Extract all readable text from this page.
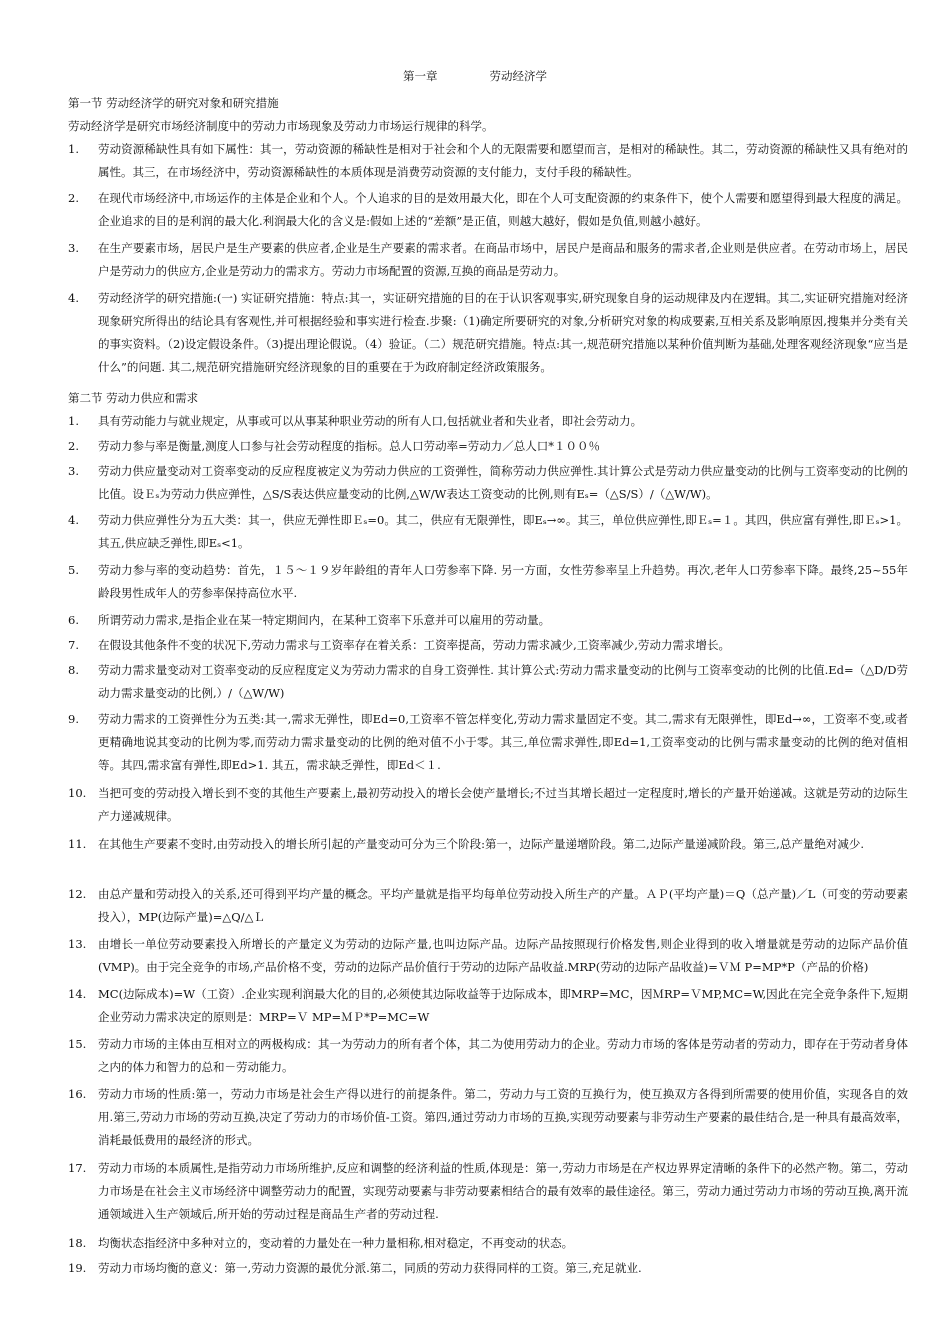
第一章	劳动经济学
第一节 劳动经济学的研究对象和研究措施
劳动经济学是研究市场经济制度中的劳动力市场现象及劳动力市场运行规律的科学。
1.	劳动资源稀缺性具有如下属性：其一，劳动资源的稀缺性是相对于社会和个人的无限需要和愿望而言，是相对的稀缺性。其二，劳动资源的稀缺性又具有绝对的属性。其三，在市场经济中，劳动资源稀缺性的本质体现是消费劳动资源的支付能力，支付手段的稀缺性。
2.	在现代市场经济中,市场运作的主体是企业和个人。个人追求的目的是效用最大化，即在个人可支配资源的约束条件下，使个人需要和愿望得到最大程度的满足。企业追求的目的是利润的最大化.利润最大化的含义是:假如上述的“差额”是正值，则越大越好，假如是负值,则越小越好。
3.	在生产要素市场，居民户是生产要素的供应者,企业是生产要素的需求者。在商品市场中，居民户是商品和服务的需求者,企业则是供应者。在劳动市场上，居民户是劳动力的供应方,企业是劳动力的需求方。劳动力市场配置的资源,互换的商品是劳动力。
4.	劳动经济学的研究措施:(一) 实证研究措施：特点:其一，实证研究措施的目的在于认识客观事实,研究现象自身的运动规律及内在逻辑。其二,实证研究措施对经济现象研究所得出的结论具有客观性,并可根据经验和事实进行检查.步聚:（1)确定所要研究的对象,分析研究对象的构成要素,互相关系及影响原因,搜集并分类有关的事实资料。（2)设定假设条件。（3)提出理论假说。（4）验证。（二）规范研究措施。特点:其一,规范研究措施以某种价值判断为基础,处理客观经济现象“应当是什么”的问题. 其二,规范研究措施研究经济现象的目的重要在于为政府制定经济政策服务。
第二节 劳动力供应和需求
1.	具有劳动能力与就业规定，从事或可以从事某种职业劳动的所有人口,包括就业者和失业者，即社会劳动力。
2.	劳动力参与率是衡量,测度人口参与社会劳动程度的指标。总人口劳动率=劳动力／总人口*１００％
3.	劳动力供应量变动对工资率变动的反应程度被定义为劳动力供应的工资弹性，简称劳动力供应弹性.其计算公式是劳动力供应量变动的比例与工资率变动的比例的比值。设Ｅₛ为劳动力供应弹性，△S/S表达供应量变动的比例,△W/W表达工资变动的比例,则有Eₛ=（△S/S）/（△W/W)。
4.	劳动力供应弹性分为五大类：其一，供应无弹性即Ｅₛ=0。其二，供应有无限弹性，即Eₛ→∞。其三，单位供应弹性,即Ｅₛ=１。其四，供应富有弹性,即Ｅₛ>1。其五,供应缺乏弹性,即Eₛ<1。
5.	劳动力参与率的变动趋势：首先，１５～１９岁年龄组的青年人口劳参率下降. 另一方面，女性劳参率呈上升趋势。再次,老年人口劳参率下降。最终,25~55年龄段男性成年人的劳参率保持高位水平.
6.	所谓劳动力需求,是指企业在某一特定期间内，在某种工资率下乐意并可以雇用的劳动量。
7.	在假设其他条件不变的状况下,劳动力需求与工资率存在着关系：工资率提高，劳动力需求减少,工资率减少,劳动力需求增长。
8.	劳动力需求量变动对工资率变动的反应程度定义为劳动力需求的自身工资弹性. 其计算公式:劳动力需求量变动的比例与工资率变动的比例的比值.Ed=（△D/D劳动力需求量变动的比例,）/（△W/W)
9.	劳动力需求的工资弹性分为五类:其一,需求无弹性，即Ed=0,工资率不管怎样变化,劳动力需求量固定不变。其二,需求有无限弹性，即Ed→∞，工资率不变,或者更精确地说其变动的比例为零,而劳动力需求量变动的比例的绝对值不小于零。其三,单位需求弹性,即Ed=1,工资率变动的比例与需求量变动的比例的绝对值相等。其四,需求富有弹性,即Ed>1. 其五，需求缺乏弹性，即Ed＜１.
10.	当把可变的劳动投入增长到不变的其他生产要素上,最初劳动投入的增长会使产量增长;不过当其增长超过一定程度时,增长的产量开始递减。这就是劳动的边际生产力递减规律。
11.	在其他生产要素不变时,由劳动投入的增长所引起的产量变动可分为三个阶段:第一，边际产量递增阶段。第二,边际产量递减阶段。第三,总产量绝对减少.
12.	由总产量和劳动投入的关系,还可得到平均产量的概念。平均产量就是指平均每单位劳动投入所生产的产量。ＡＰ(平均产量)＝Q（总产量)／L（可变的劳动要素投入），MP(边际产量)=△Q/△Ｌ
13.	由增长一单位劳动要素投入所增长的产量定义为劳动的边际产量,也叫边际产品。边际产品按照现行价格发售,则企业得到的收入增量就是劳动的边际产品价值(VMP)。由于完全竞争的市场,产品价格不变，劳动的边际产品价值行于劳动的边际产品收益.MRP(劳动的边际产品收益)=ＶＭ P=MP*P（产品的价格)
14.	MC(边际成本)=W（工资）.企业实现利润最大化的目的,必须使其边际收益等于边际成本，即MRP=MC，因ＭRP=ＶMP,MC=W,因此在完全竞争条件下,短期企业劳动力需求决定的原则是：MRP=Ｖ MP=ＭＰ*P=MC=W
15.	劳动力市场的主体由互相对立的两极构成：其一为劳动力的所有者个体，其二为使用劳动力的企业。劳动力市场的客体是劳动者的劳动力，即存在于劳动者身体之内的体力和智力的总和－劳动能力。
16.	劳动力市场的性质:第一，劳动力市场是社会生产得以进行的前提条件。第二，劳动力与工资的互换行为，使互换双方各得到所需要的使用价值，实现各自的效用.第三,劳动力市场的劳动互换,决定了劳动力的市场价值-工资。第四,通过劳动力市场的互换,实现劳动要素与非劳动生产要素的最佳结合,是一种具有最高效率，消耗最低费用的最经济的形式。
17.	劳动力市场的本质属性,是指劳动力市场所维护,反应和调整的经济利益的性质,体现是：第一,劳动力市场是在产权边界界定清晰的条件下的必然产物。第二，劳动力市场是在社会主义市场经济中调整劳动力的配置，实现劳动要素与非劳动要素相结合的最有效率的最佳途径。第三，劳动力通过劳动力市场的劳动互换,离开流通领域进入生产领域后,所开始的劳动过程是商品生产者的劳动过程.
18.	均衡状态指经济中多种对立的，变动着的力量处在一种力量相称,相对稳定，不再变动的状态。
19.	劳动力市场均衡的意义：第一,劳动力资源的最优分派.第二，同质的劳动力获得同样的工资。第三,充足就业.
